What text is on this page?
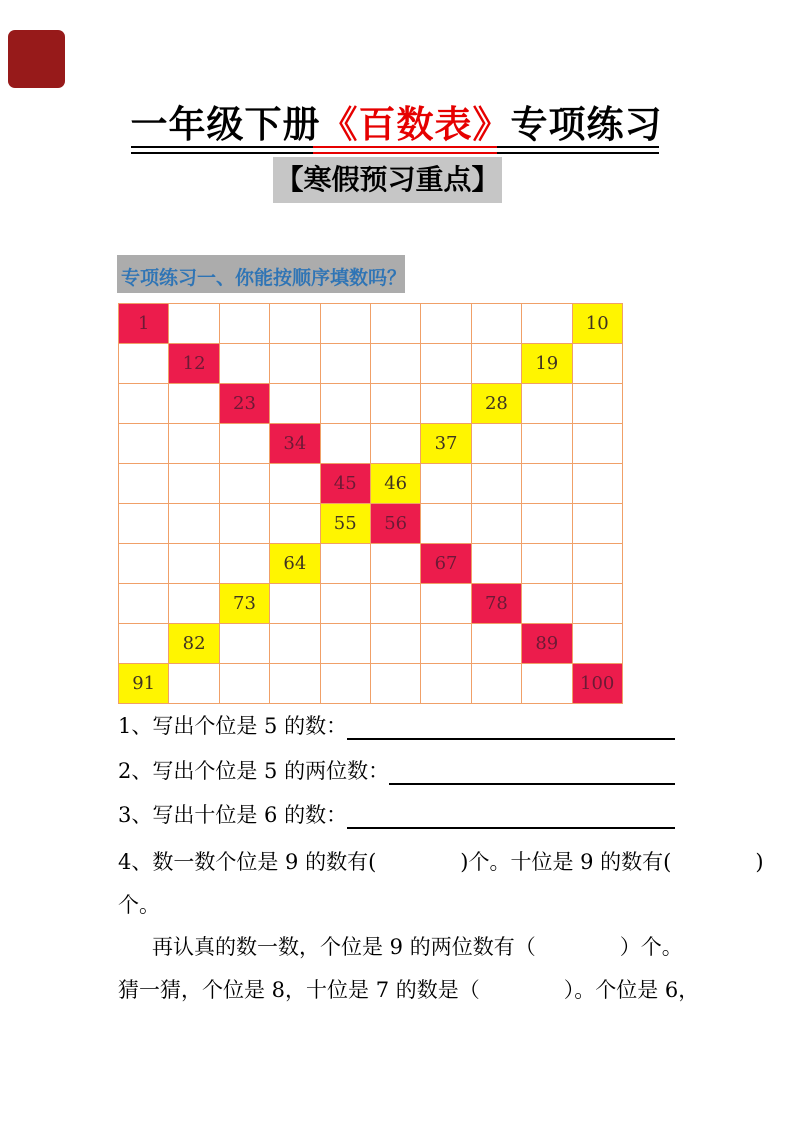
一年级下册《百数表》专项练习
【寒假预习重点】
专项练习一、你能按顺序填数吗？
1									10
	12							19	
		23					28		
			34			37			
				45	46				
				55	56				
			64			67			
		73					78		
	82							89	
91									100
1、写出个位是 5 的数：
2、写出个位是 5 的两位数：
3、写出十位是 6 的数：
4、数一数个位是 9 的数有(　　　　)个。十位是 9 的数有(　　　　)
个。
再认真的数一数，个位是 9 的两位数有（　　　　）个。
猜一猜，个位是 8，十位是 7 的数是（　　　　）。个位是 6，
